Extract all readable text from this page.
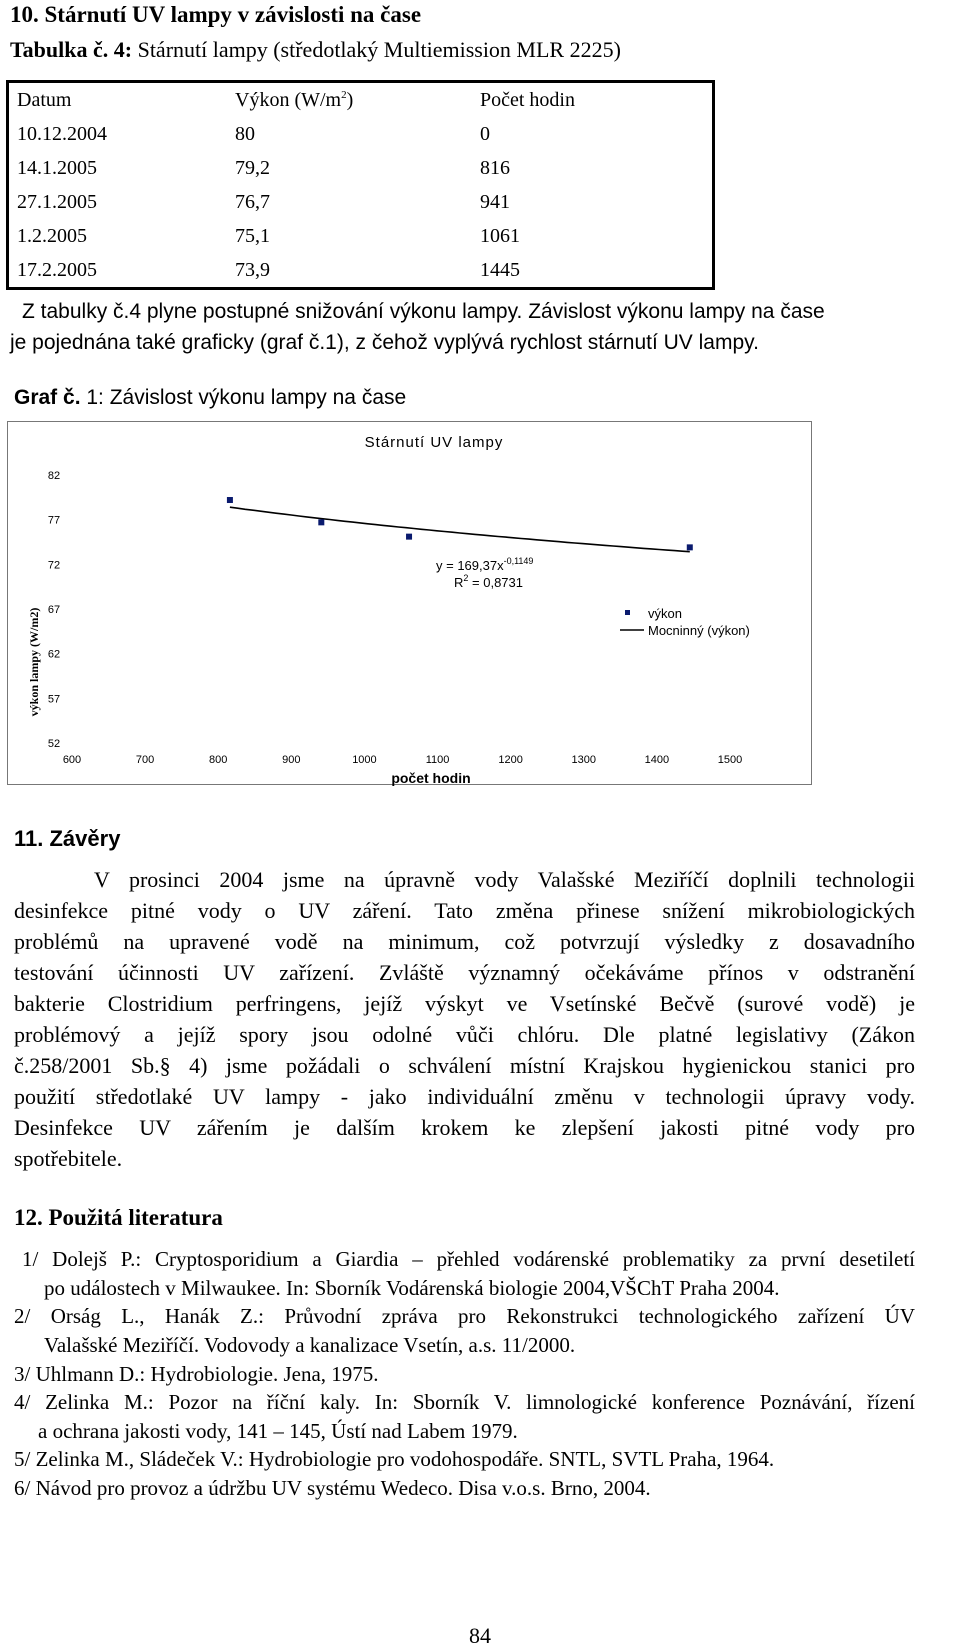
10. Stárnutí UV lampy v závislosti na čase
Tabulka č. 4: Stárnutí lampy (středotlaký Multiemission MLR 2225)
Datum	Výkon $(W/m^2)$	Počet hodin
10.12.2004	80	0
14.1.2005	79,2	816
27.1.2005	76,7	941
1.2.2005	75,1	1061
17.2.2005	73,9	1445
Z tabulky č.4 plyne postupné snižování výkonu lampy. Závislost výkonu lampy na čase
je pojednána také graficky (graf č.1), z čehož vyplývá rychlost stárnutí UV lampy.
Graf č. 1: Závislost výkonu lampy na čase
Stárnutí UV lampy
82
77
72
67
62
57
52
600	700	800	900	1000	1100	1200	1300	1400	1500
počet hodin
výkon lampy (W/m2)
$y = 169,37x^{-0,1149}$
$R^2 = 0,8731$
výkon
Mocninný (výkon)
11. Závěry
V prosinci 2004 jsme na úpravně vody Valašské Meziříčí doplnili technologii
desinfekce pitné vody o UV záření. Tato změna přinese snížení mikrobiologických
problémů na upravené vodě na minimum, což potvrzují výsledky z dosavadního
testování účinnosti UV zařízení. Zvláště významný očekáváme přínos v odstranění
bakterie Clostridium perfringens, jejíž výskyt ve Vsetínské Bečvě (surové vodě) je
problémový a jejíž spory jsou odolné vůči chlóru. Dle platné legislativy (Zákon
č.258/2001 Sb.§ 4) jsme požádali o schválení místní Krajskou hygienickou stanici pro
použití středotlaké UV lampy - jako individuální změnu v technologii úpravy vody.
Desinfekce UV zářením je dalším krokem ke zlepšení jakosti pitné vody pro
spotřebitele.
12. Použitá literatura
1/ Dolejš P.: Cryptosporidium a Giardia – přehled vodárenské problematiky za první desetiletí
po událostech v Milwaukee. In: Sborník Vodárenská biologie 2004,VŠChT Praha 2004.
2/ Orság L., Hanák Z.: Průvodní zpráva pro Rekonstrukci technologického zařízení ÚV
Valašské Meziříčí. Vodovody a kanalizace Vsetín, a.s. 11/2000.
3/ Uhlmann D.: Hydrobiologie. Jena, 1975.
4/ Zelinka M.: Pozor na říční kaly. In: Sborník V. limnologické konference Poznávání, řízení
a ochrana jakosti vody, 141 – 145, Ústí nad Labem 1979.
5/ Zelinka M., Sládeček V.: Hydrobiologie pro vodohospodáře. SNTL, SVTL Praha, 1964.
6/ Návod pro provoz a údržbu UV systému Wedeco. Disa v.o.s. Brno, 2004.
84
